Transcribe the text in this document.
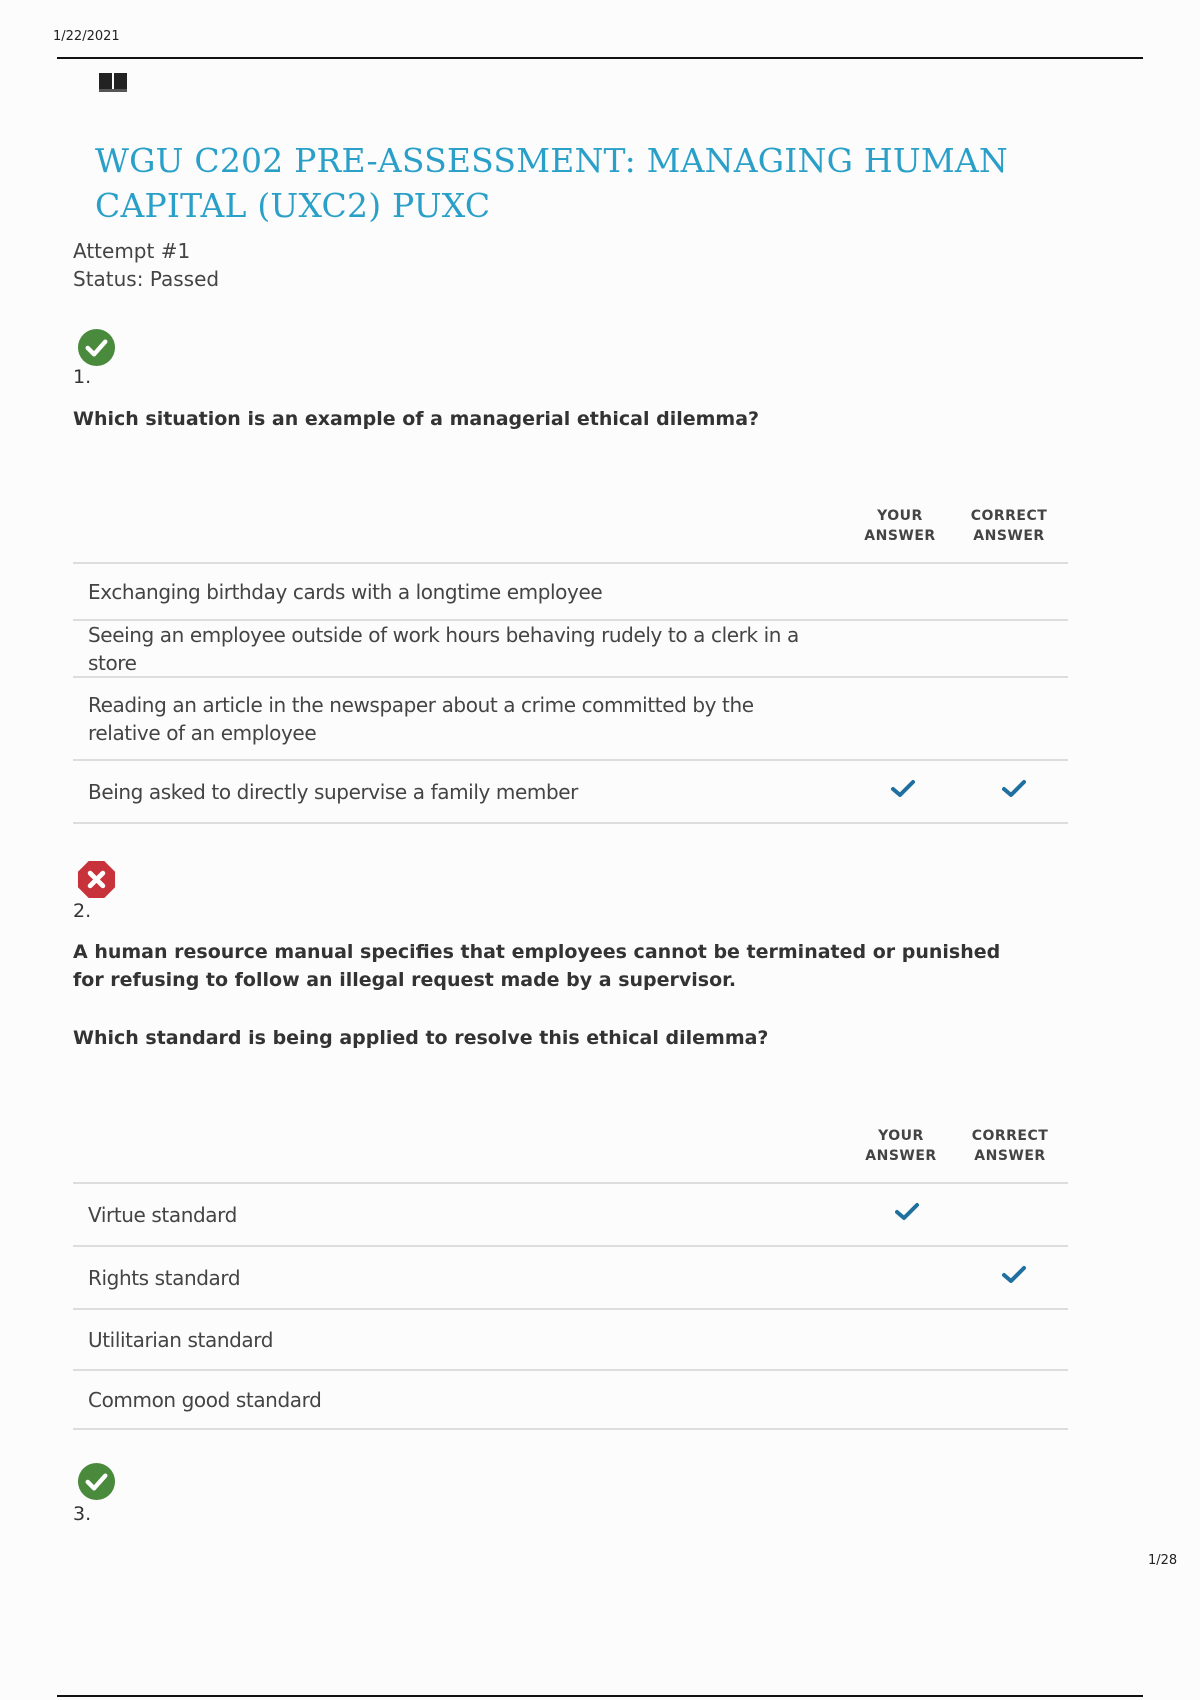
1/22/2021
WGU C202 PRE-ASSESSMENT: MANAGING HUMAN CAPITAL (UXC2) PUXC
Attempt #1
Status: Passed
1.
Which situation is an example of a managerial ethical dilemma?
YOUR
ANSWER
CORRECT
ANSWER
Exchanging birthday cards with a longtime employee
Seeing an employee outside of work hours behaving rudely to a clerk in a store
Reading an article in the newspaper about a crime committed by the relative of an employee
Being asked to directly supervise a family member
2.
A human resource manual specifies that employees cannot be terminated or punished for refusing to follow an illegal request made by a supervisor.
Which standard is being applied to resolve this ethical dilemma?
YOUR
ANSWER
CORRECT
ANSWER
Virtue standard
Rights standard
Utilitarian standard
Common good standard
3.
1/28
